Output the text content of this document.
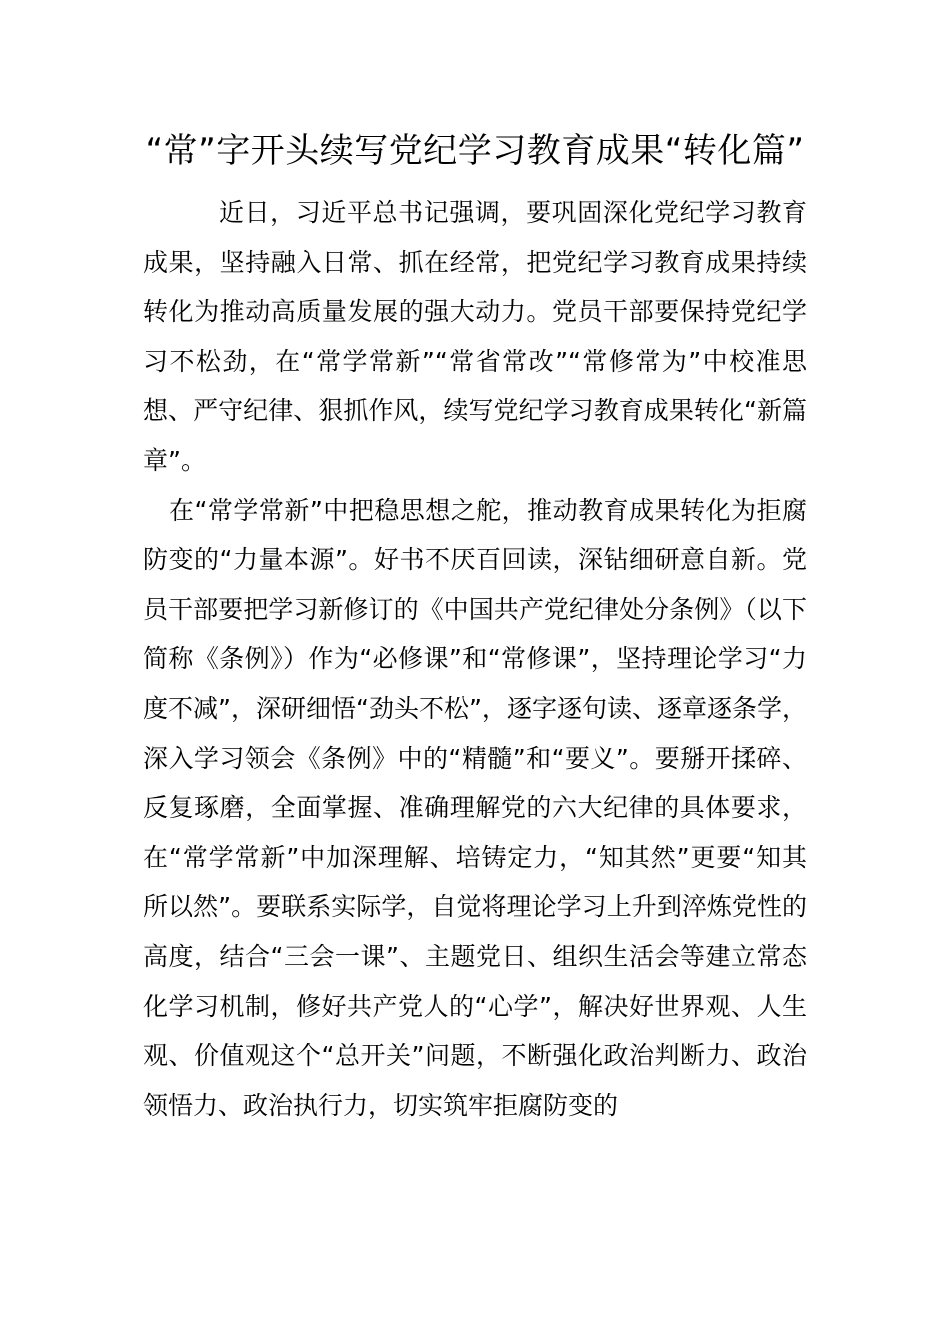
“常”字开头续写党纪学习教育成果“转化篇”

近日，习近平总书记强调，要巩固深化党纪学习教育成果，坚持融入日常、抓在经常，把党纪学习教育成果持续转化为推动高质量发展的强大动力。党员干部要保持党纪学习不松劲，在“常学常新”“常省常改”“常修常为”中校准思想、严守纪律、狠抓作风，续写党纪学习教育成果转化“新篇章”。

在“常学常新”中把稳思想之舵，推动教育成果转化为拒腐防变的“力量本源”。好书不厌百回读，深钻细研意自新。党员干部要把学习新修订的《中国共产党纪律处分条例》（以下简称《条例》）作为“必修课”和“常修课”，坚持理论学习“力度不减”，深研细悟“劲头不松”，逐字逐句读、逐章逐条学，深入学习领会《条例》中的“精髓”和“要义”。要掰开揉碎、反复琢磨，全面掌握、准确理解党的六大纪律的具体要求，在“常学常新”中加深理解、培铸定力，“知其然”更要“知其所以然”。要联系实际学，自觉将理论学习上升到淬炼党性的高度，结合“三会一课”、主题党日、组织生活会等建立常态化学习机制，修好共产党人的“心学”，解决好世界观、人生观、价值观这个“总开关”问题，不断强化政治判断力、政治领悟力、政治执行力，切实筑牢拒腐防变的
